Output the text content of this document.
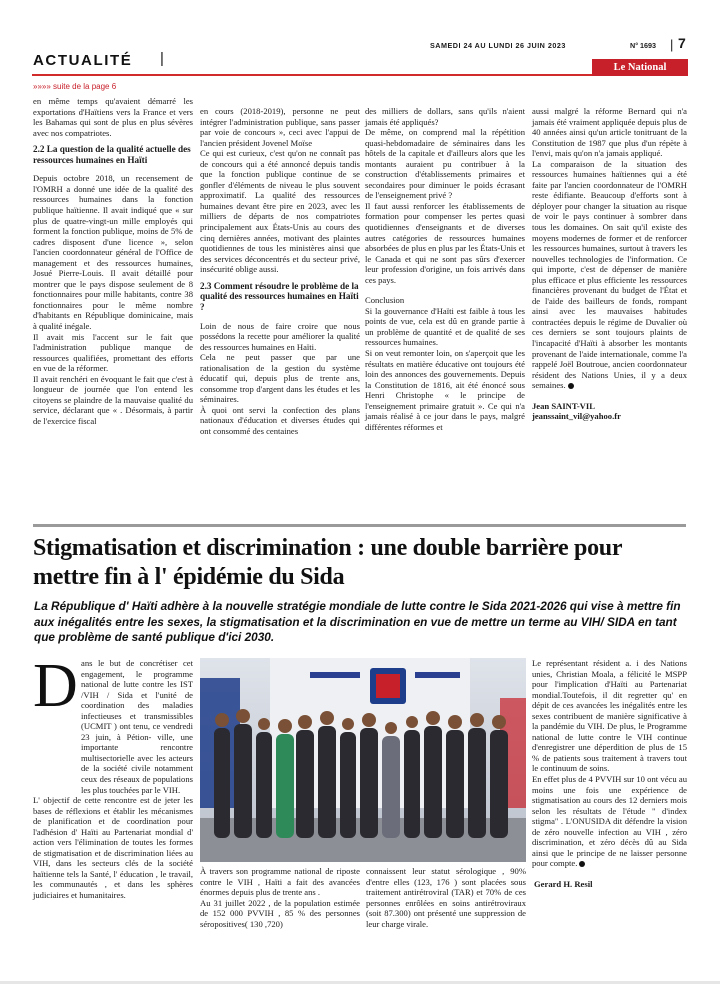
ACTUALITÉ |
SAMEDI 24 AU LUNDI 26 JUIN 2023	N° 1693 | 7
Le National
»»»» suite de la page 6

en même temps qu'avaient démarré les exportations d'Haïtiens vers la France et vers les Bahamas qui sont de plus en plus sévères avec nos compatriotes.

2.2 La question de la qualité actuelle des ressources humaines en Haïti

Depuis octobre 2018, un recensement de l'OMRH a donné une idée de la qualité des ressources humaines dans la fonction publique haïtienne. Il avait indiqué que « sur plus de quatre-vingt-un mille employés qui forment la fonction publique, moins de 5% de cadres disposent d'une licence », selon l'ancien coordonnateur général de l'Office de management et des ressources humaines, Josué Pierre-Louis. Il avait détaillé pour montrer que le pays dispose seulement de 8 fonctionnaires pour mille habitants, contre 38 fonctionnaires pour le même nombre d'habitants en République dominicaine, mais à qualité inégale.

Il avait mis l'accent sur le fait que l'administration publique manque de ressources qualifiées, promettant des efforts en vue de la réformer.

Il avait renchéri en évoquant le fait que c'est à longueur de journée que l'on entend les citoyens se plaindre de la mauvaise qualité du service, déclarant que « . Désormais, à partir de l'exercice fiscal

en cours (2018-2019), personne ne peut intégrer l'administration publique, sans passer par voie de concours », ceci avec l'appui de l'ancien président Jovenel Moïse

Ce qui est curieux, c'est qu'on ne connaît pas de concours qui a été annoncé depuis tandis que la fonction publique continue de se gonfler d'éléments de niveau le plus souvent approximatif. La qualité des ressources humaines devant être pire en 2023, avec les milliers de départs de nos compatriotes principalement aux États-Unis au cours des cinq dernières années, motivant des plaintes quotidiennes de tous les ministères ainsi que des services déconcentrés et du secteur privé, insécurité oblige aussi.

2.3 Comment résoudre le problème de la qualité des ressources humaines en Haïti ?

Loin de nous de faire croire que nous possédons la recette pour améliorer la qualité des ressources humaines en Haïti.

Cela ne peut passer que par une rationalisation de la gestion du système éducatif qui, depuis plus de trente ans, consomme trop d'argent dans les études et les séminaires.

À quoi ont servi la confection des plans nationaux d'éducation et diverses études qui ont consommé des centaines

des milliers de dollars, sans qu'ils n'aient jamais été appliqués?

De même, on comprend mal la répétition quasi-hebdomadaire de séminaires dans les hôtels de la capitale et d'ailleurs alors que les montants auraient pu contribuer à la construction d'établissements primaires et secondaires pour diminuer le poids écrasant de l'enseignement privé ?

Il faut aussi renforcer les établissements de formation pour compenser les pertes quasi quotidiennes d'enseignants et de diverses autres catégories de ressources humaines absorbées de plus en plus par les États-Unis et le Canada et qui ne sont pas sûrs d'exercer leur profession d'origine, un fois arrivés dans ces pays.

Conclusion

Si la gouvernance d'Haïti est faible à tous les points de vue, cela est dû en grande partie à un problème de quantité et de qualité de ses ressources humaines.

Si on veut remonter loin, on s'aperçoit que les résultats en matière éducative ont toujours été loin des annonces des gouvernements. Depuis la Constitution de 1816, ait été énoncé sous Henri Christophe « le principe de l'enseignement primaire gratuit ». Ce qui n'a jamais réalisé à ce jour dans le pays, malgré différentes réformes et

aussi malgré la réforme Bernard qui n'a jamais été vraiment appliquée depuis plus de 40 années ainsi qu'un article tonitruant de la Constitution de 1987 que plus d'un répète à l'envi, mais qu'on n'a jamais appliqué.

La comparaison de la situation des ressources humaines haïtiennes qui a été faite par l'ancien coordonnateur de l'OMRH reste édifiante. Beaucoup d'efforts sont à déployer pour changer la situation au risque de voir le pays continuer à sombrer dans tous les domaines. On sait qu'il existe des moyens modernes de former et de renforcer les ressources humaines, surtout à travers les nouvelles technologies de l'information. Ce qui importe, c'est de dépenser de manière plus efficace et plus efficiente les ressources financières provenant du budget de l'État et de l'aide des bailleurs de fonds, rompant ainsi avec les mauvaises habitudes contractées depuis le régime de Duvalier où ces derniers se sont toujours plaints de l'incapacité d'Haïti à absorber les montants provenant de l'aide internationale, comme l'a rappelé Joël Boutroue, ancien coordonnateur résident des Nations Unies, il y a deux semaines.

Jean SAINT-VIL

jeanssaint_vil@yahoo.fr

Stigmatisation et discrimination : une double barrière pour mettre fin à l' épidémie du Sida
La République d' Haïti adhère à la nouvelle stratégie mondiale de lutte contre le Sida 2021-2026 qui vise à mettre fin aux inégalités entre les sexes, la stigmatisation et la discrimination en vue de mettre un terme au VIH/ SIDA en tant que problème de santé publique d'ici 2030.
D ans le but de concrétiser cet engagement, le programme national de lutte contre les IST /VIH / Sida et l'unité de coordination des maladies infectieuses et transmissibles (UCMIT ) ont tenu, ce vendredi 23 juin, à Pétion- ville, une importante rencontre multisectorielle avec les acteurs de la société civile notamment ceux des réseaux de populations les plus touchées par le VIH.

L' objectif de cette rencontre est de jeter les bases de réflexions et établir les mécanismes de planification et de coordination pour l'adhésion d' Haïti au Partenariat mondial d' action vers l'élimination de toutes les formes de stigmatisation et de discrimination liées au VIH, dans les secteurs clés de la société haïtienne tels la Santé, l' éducation , le travail, les communautés , et dans les sphères judiciaires et humanitaires.

À travers son programme national de riposte contre le VIH , Haïti a fait des avancées énormes depuis plus de trente ans .

Au 31 juillet 2022 , de la population estimée de 152 000 PVVIH , 85 % des personnes séropositives( 130 ,720)

connaissent leur statut sérologique , 90% d'entre elles (123, 176 ) sont placées sous traitement antirétroviral (TAR) et 70% de ces personnes enrôlées en soins antirétroviraux (soit 87.300) ont présenté une suppression de leur charge virale.

Le représentant résident a. i des Nations unies, Christian Moala, a félicité le MSPP pour l'implication d'Haïti au Partenariat mondial.Toutefois, il dit regretter qu' en dépit de ces avancées les inégalités entre les sexes contribuent de manière significative à la pandémie du VIH. De plus, le Programme national de lutte contre le VIH continue d'enregistrer une déperdition de plus de 15 % de patients sous traitement à travers tout le continuum de soins.

En effet plus de 4 PVVIH sur 10 ont vécu au moins une fois une expérience de stigmatisation au cours des 12 derniers mois selon les résultats de l'étude " d'index stigma" . L'ONUSIDA dit défendre la vision de zéro nouvelle infection au VIH , zéro discrimination, et zéro décès dû au Sida ainsi que le principe de ne laisser personne pour compte.

Gerard H. Resil
